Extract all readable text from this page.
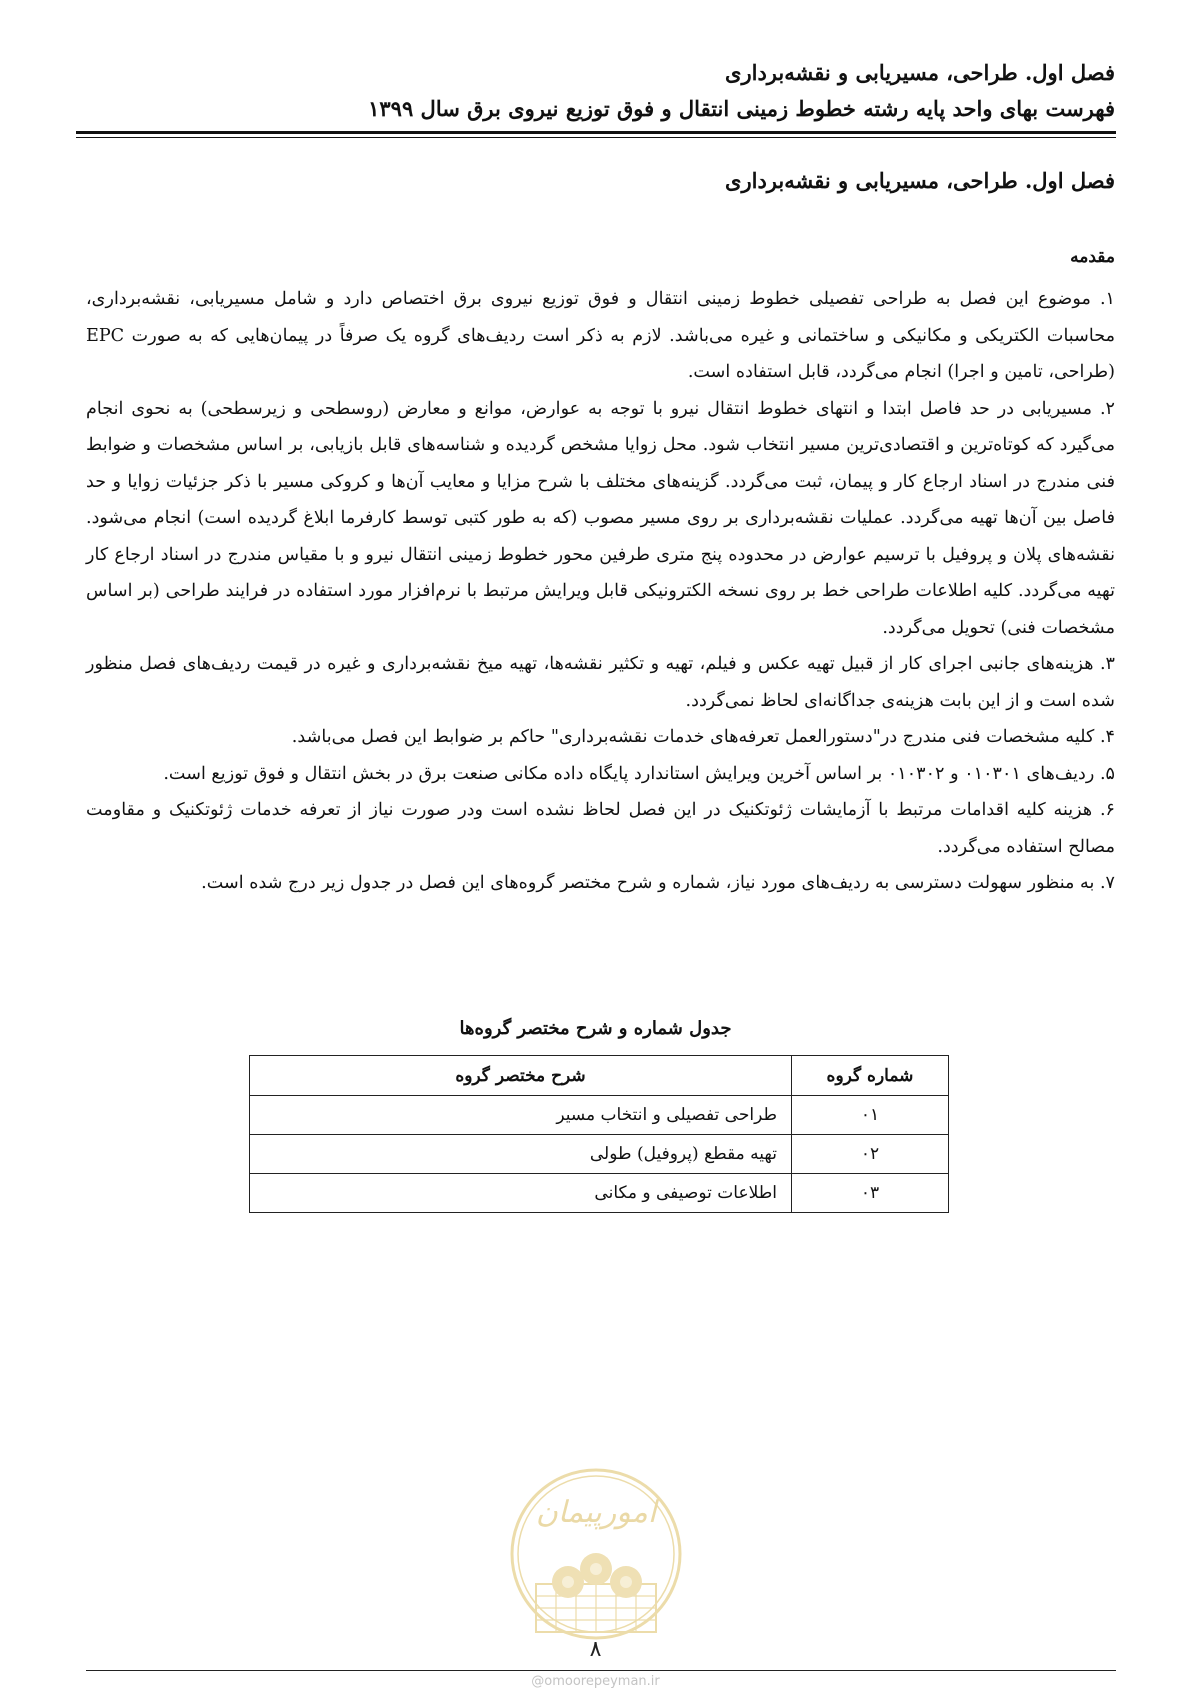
فصل اول. طراحی، مسیریابی و نقشه‌برداری
فهرست بهای واحد پایه رشته خطوط زمینی انتقال و فوق توزیع نیروی برق سال ۱۳۹۹
فصل اول. طراحی، مسیریابی و نقشه‌برداری
مقدمه

۱. موضوع این فصل به طراحی تفصیلی خطوط زمینی انتقال و فوق توزیع نیروی برق اختصاص دارد و شامل مسیریابی، نقشه‌برداری، محاسبات الکتریکی و مکانیکی و ساختمانی و غیره می‌باشد. لازم به ذکر است ردیف‌های گروه یک صرفاً در پیمان‌هایی که به صورت EPC (طراحی، تامین و اجرا) انجام می‌گردد، قابل استفاده است.

۲. مسیریابی در حد فاصل ابتدا و انتهای خطوط انتقال نیرو با توجه به عوارض، موانع و معارض (روسطحی و زیرسطحی) به نحوی انجام می‌گیرد که کوتاه‌ترین و اقتصادی‌ترین مسیر انتخاب شود. محل زوایا مشخص گردیده و شناسه‌های قابل بازیابی، بر اساس مشخصات و ضوابط فنی مندرج در اسناد ارجاع کار و پیمان، ثبت می‌گردد. گزینه‌های مختلف با شرح مزایا و معایب آن‌ها و کروکی مسیر با ذکر جزئیات زوایا و حد فاصل بین آن‌ها تهیه می‌گردد. عملیات نقشه‌برداری بر روی مسیر مصوب (که به طور کتبی توسط کارفرما ابلاغ گردیده است) انجام می‌شود. نقشه‌های پلان و پروفیل با ترسیم عوارض در محدوده پنج متری طرفین محور خطوط زمینی انتقال نیرو و با مقیاس مندرج در اسناد ارجاع کار تهیه می‌گردد. کلیه اطلاعات طراحی خط بر روی نسخه الکترونیکی قابل ویرایش مرتبط با نرم‌افزار مورد استفاده در فرایند طراحی (بر اساس مشخصات فنی) تحویل می‌گردد.

۳. هزینه‌های جانبی اجرای کار از قبیل تهیه عکس و فیلم، تهیه و تکثیر نقشه‌ها، تهیه میخ نقشه‌برداری و غیره در قیمت ردیف‌های فصل منظور شده است و از این بابت هزینه‌ی جداگانه‌ای لحاظ نمی‌گردد.

۴. کلیه مشخصات فنی مندرج در"دستورالعمل تعرفه‌های خدمات نقشه‌برداری" حاکم بر ضوابط این فصل می‌باشد.

۵. ردیف‌های ۰۱۰۳۰۱ و ۰۱۰۳۰۲ بر اساس آخرین ویرایش استاندارد پایگاه داده مکانی صنعت برق در بخش انتقال و فوق توزیع است.

۶. هزینه کلیه اقدامات مرتبط با آزمایشات ژئوتکنیک در این فصل لحاظ نشده است ودر صورت نیاز از تعرفه خدمات ژئوتکنیک و مقاومت مصالح استفاده می‌گردد.

۷. به منظور سهولت دسترسی به ردیف‌های مورد نیاز، شماره و شرح مختصر گروه‌های این فصل در جدول زیر درج شده است.

جدول شماره و شرح مختصر گروه‌ها
شماره گروه	شرح مختصر گروه
۰۱	طراحی تفصیلی و انتخاب مسیر
۰۲	تهیه مقطع (پروفیل) طولی
۰۳	اطلاعات توصیفی و مکانی
امورپیمان
۸
@omoorepeyman.ir
